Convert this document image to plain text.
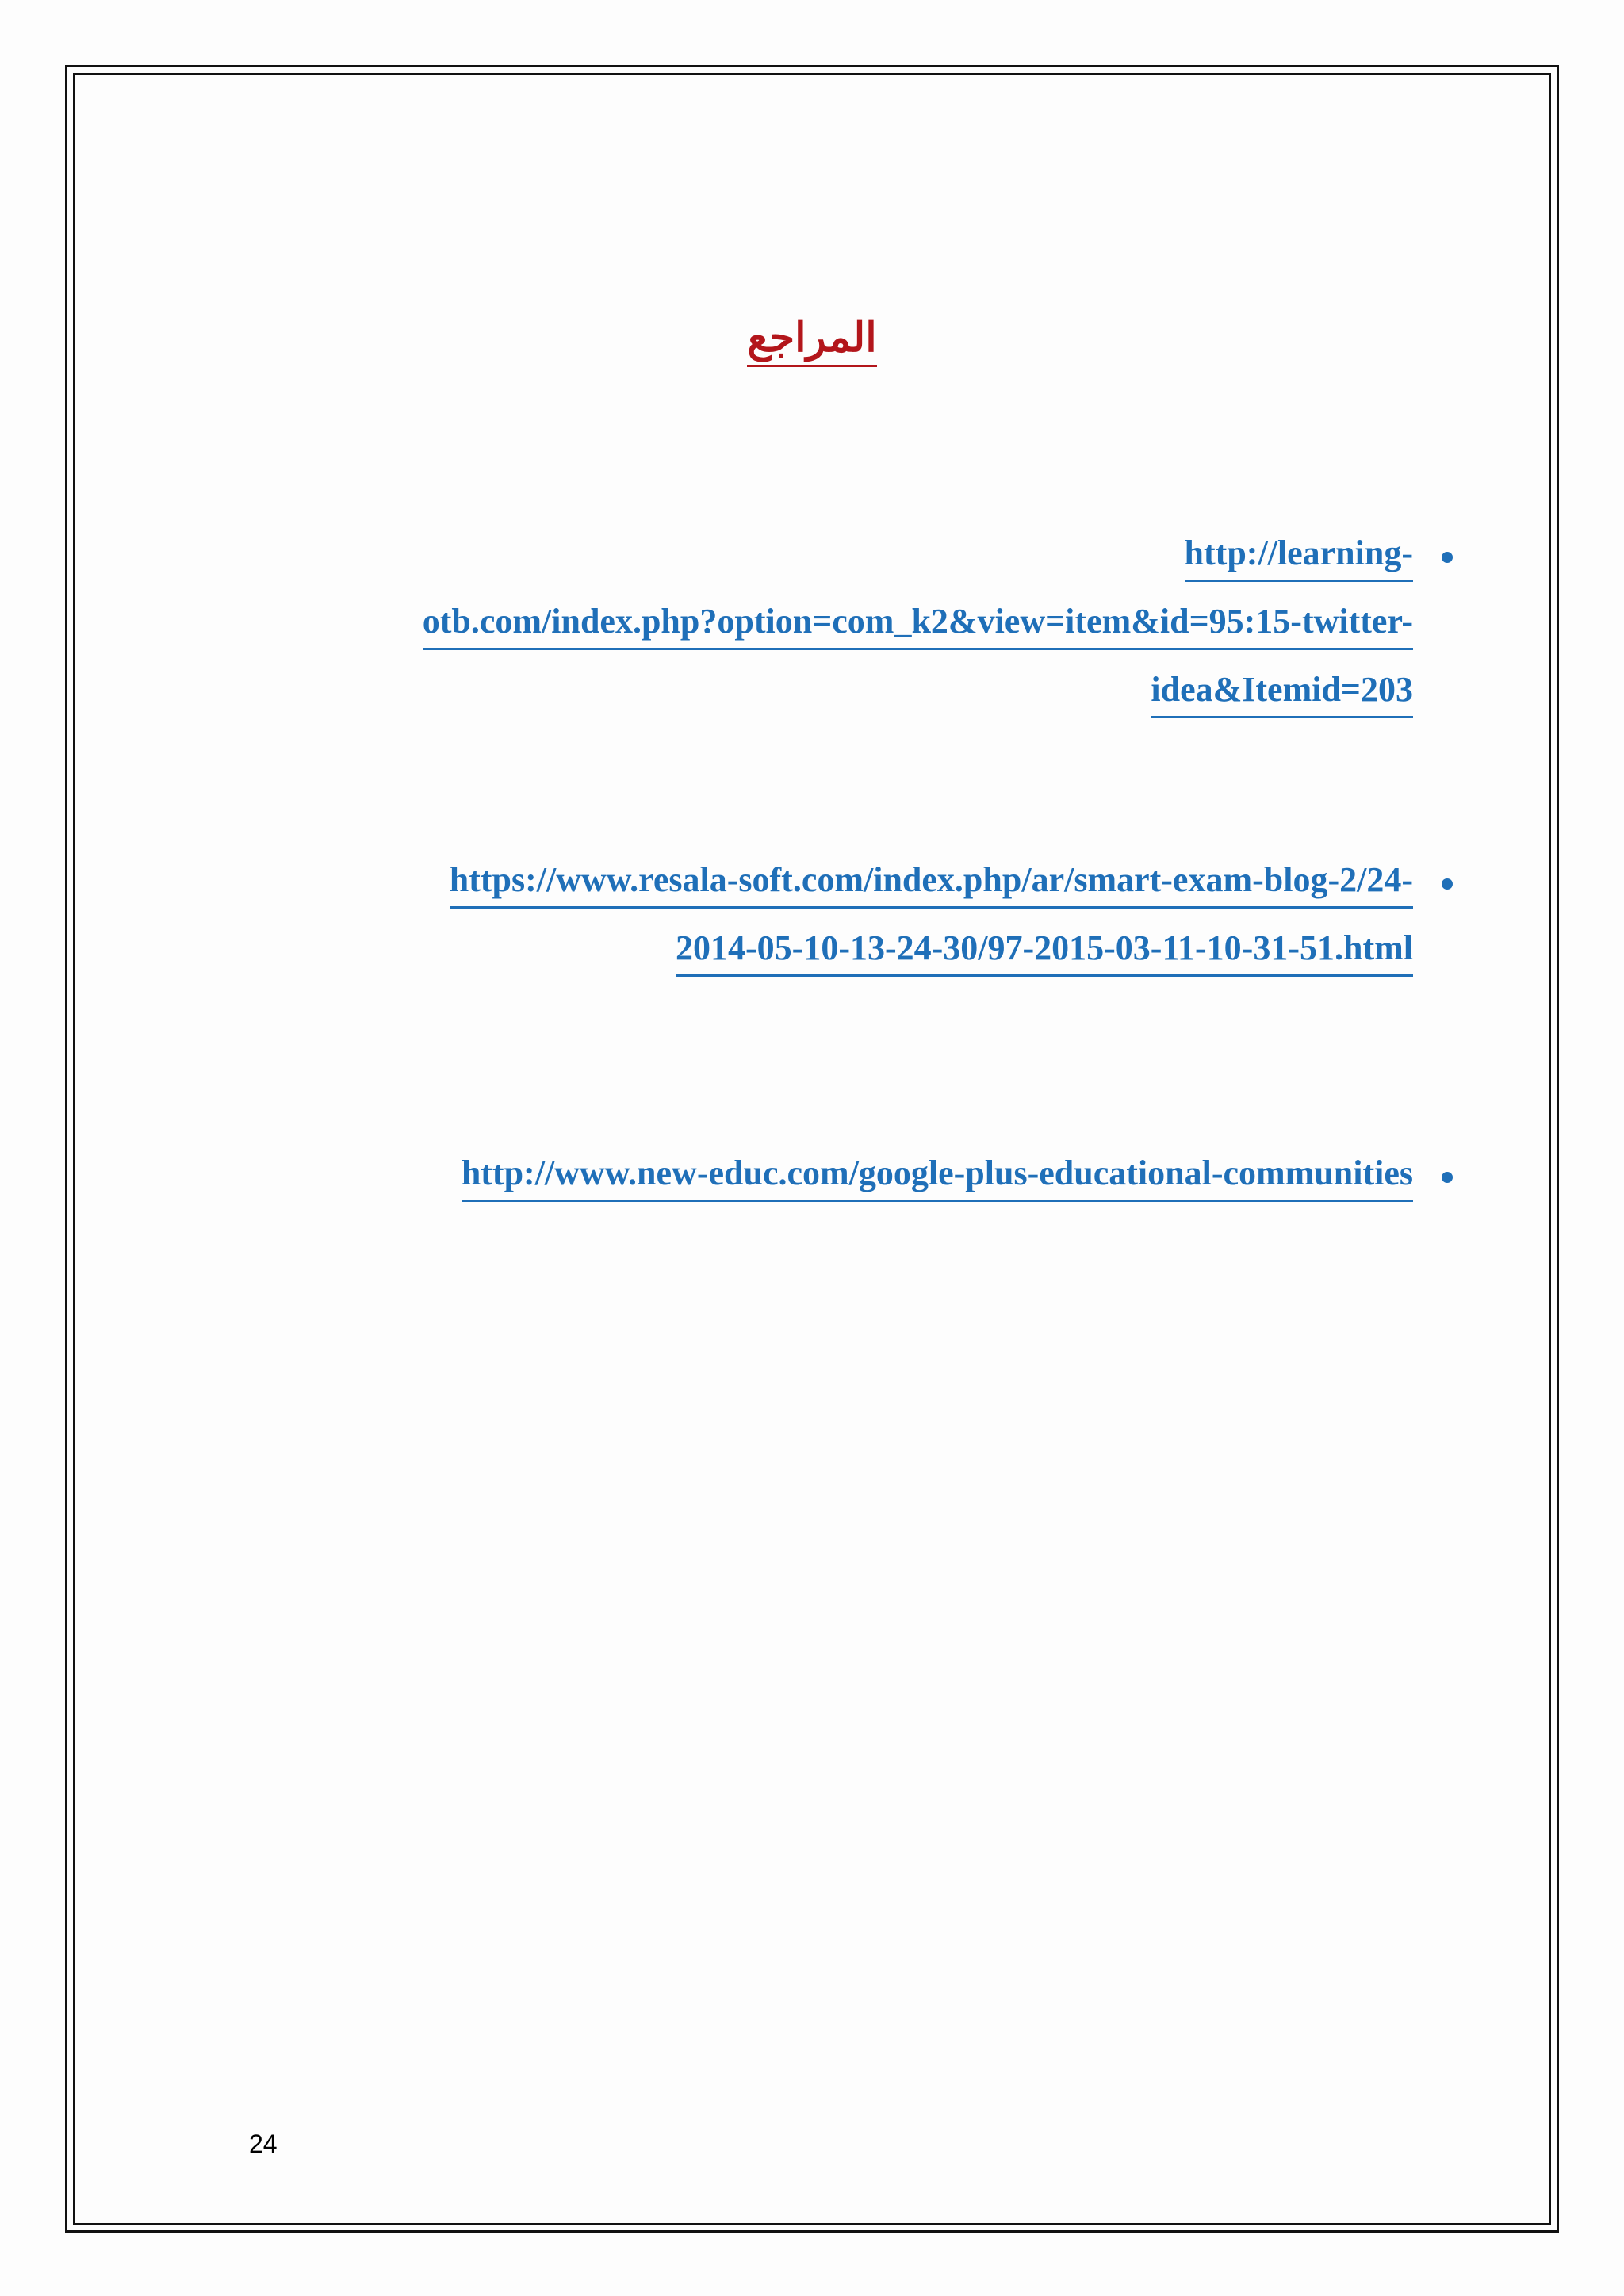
المراجع
http://learning-
otb.com/index.php?option=com_k2&view=item&id=95:15-twitter-
idea&Itemid=203
https://www.resala-soft.com/index.php/ar/smart-exam-blog-2/24-
2014-05-10-13-24-30/97-2015-03-11-10-31-51.html
http://www.new-educ.com/google-plus-educational-communities
24
